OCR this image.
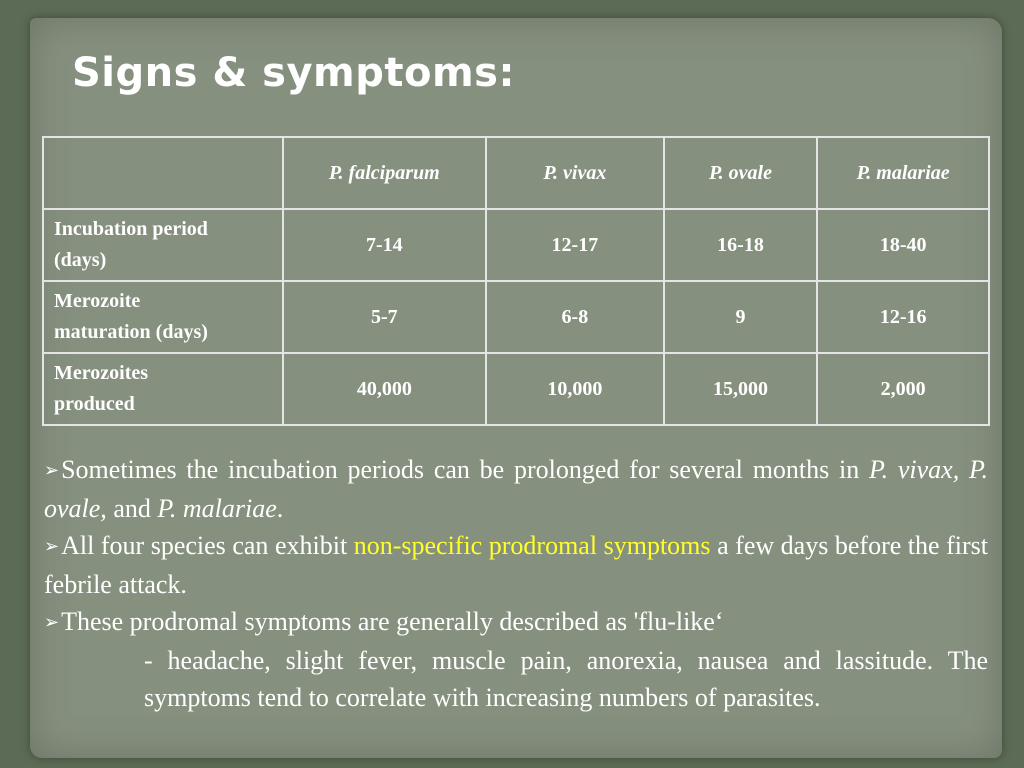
Signs & symptoms:
	P. falciparum	P. vivax	P. ovale	P. malariae
Incubation period
(days)	7-14	12-17	16-18	18-40
Merozoite
maturation (days)	5-7	6-8	9	12-16
Merozoites
produced	40,000	10,000	15,000	2,000

➢Sometimes the incubation periods can be prolonged for several months in P. vivax, P. ovale, and P. malariae.

➢All four species can exhibit non-specific prodromal symptoms a few days before the first febrile attack.

➢These prodromal symptoms are generally described as 'flu-like‘

- headache, slight fever, muscle pain, anorexia, nausea and lassitude. The symptoms tend to correlate with increasing numbers of parasites.
